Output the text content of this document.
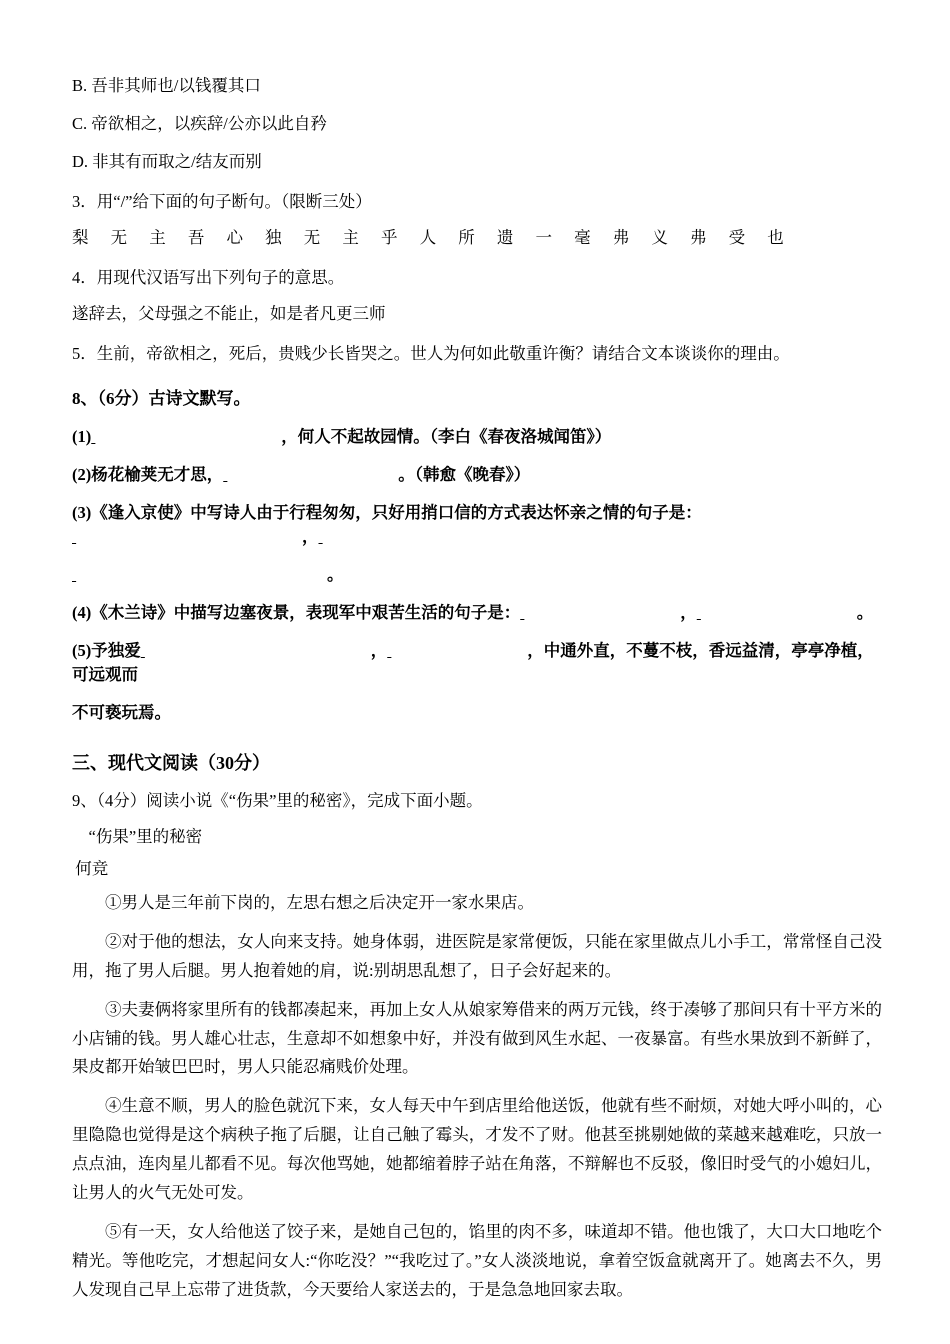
B. 吾非其师也/以钱覆其口
C. 帝欲相之，以疾辞/公亦以此自矜
D. 非其有而取之/结友而别
3．用“/”给下面的句子断句。（限断三处）
梨 无 主 吾 心 独 无 主 乎 人 所 遗 一 毫 弗 义 弗 受 也
4．用现代汉语写出下列句子的意思。
遂辞去，父母强之不能止，如是者凡更三师
5．生前，帝欲相之，死后，贵贱少长皆哭之。世人为何如此敬重许衡？请结合文本谈谈你的理由。
8、（6分）古诗文默写。
(1)	，何人不起故园情。（李白《春夜洛城闻笛》）
(2)杨花榆荚无才思，	。（韩愈《晚春》）
(3)《逢入京使》中写诗人由于行程匆匆，只好用捎口信的方式表达怀亲之情的句子是： ，
。
(4)《木兰诗》中描写边塞夜景，表现军中艰苦生活的句子是：	，	。
(5)予独爱	，	，中通外直，不蔓不枝，香远益清，亭亭净植，可远观而
不可亵玩焉。
三、现代文阅读（30分）
9、（4分）阅读小说《“伤果”里的秘密》，完成下面小题。
“伤果”里的秘密
何竞
①男人是三年前下岗的，左思右想之后决定开一家水果店。
②对于他的想法，女人向来支持。她身体弱，进医院是家常便饭，只能在家里做点儿小手工，常常怪自己没用，拖了男人后腿。男人抱着她的肩，说:别胡思乱想了，日子会好起来的。
③夫妻俩将家里所有的钱都凑起来，再加上女人从娘家筹借来的两万元钱，终于凑够了那间只有十平方米的小店铺的钱。男人雄心壮志，生意却不如想象中好，并没有做到风生水起、一夜暴富。有些水果放到不新鲜了，果皮都开始皱巴巴时，男人只能忍痛贱价处理。
④生意不顺，男人的脸色就沉下来，女人每天中午到店里给他送饭，他就有些不耐烦，对她大呼小叫的，心里隐隐也觉得是这个病秧子拖了后腿，让自己触了霉头，才发不了财。他甚至挑剔她做的菜越来越难吃，只放一点点油，连肉星儿都看不见。每次他骂她，她都缩着脖子站在角落，不辩解也不反驳，像旧时受气的小媳妇儿，让男人的火气无处可发。
⑤有一天，女人给他送了饺子来，是她自己包的，馅里的肉不多，味道却不错。他也饿了，大口大口地吃个精光。等他吃完，才想起问女人:“你吃没？”“我吃过了。”女人淡淡地说，拿着空饭盒就离开了。她离去不久，男人发现自己早上忘带了进货款，今天要给人家送去的，于是急急地回家去取。
